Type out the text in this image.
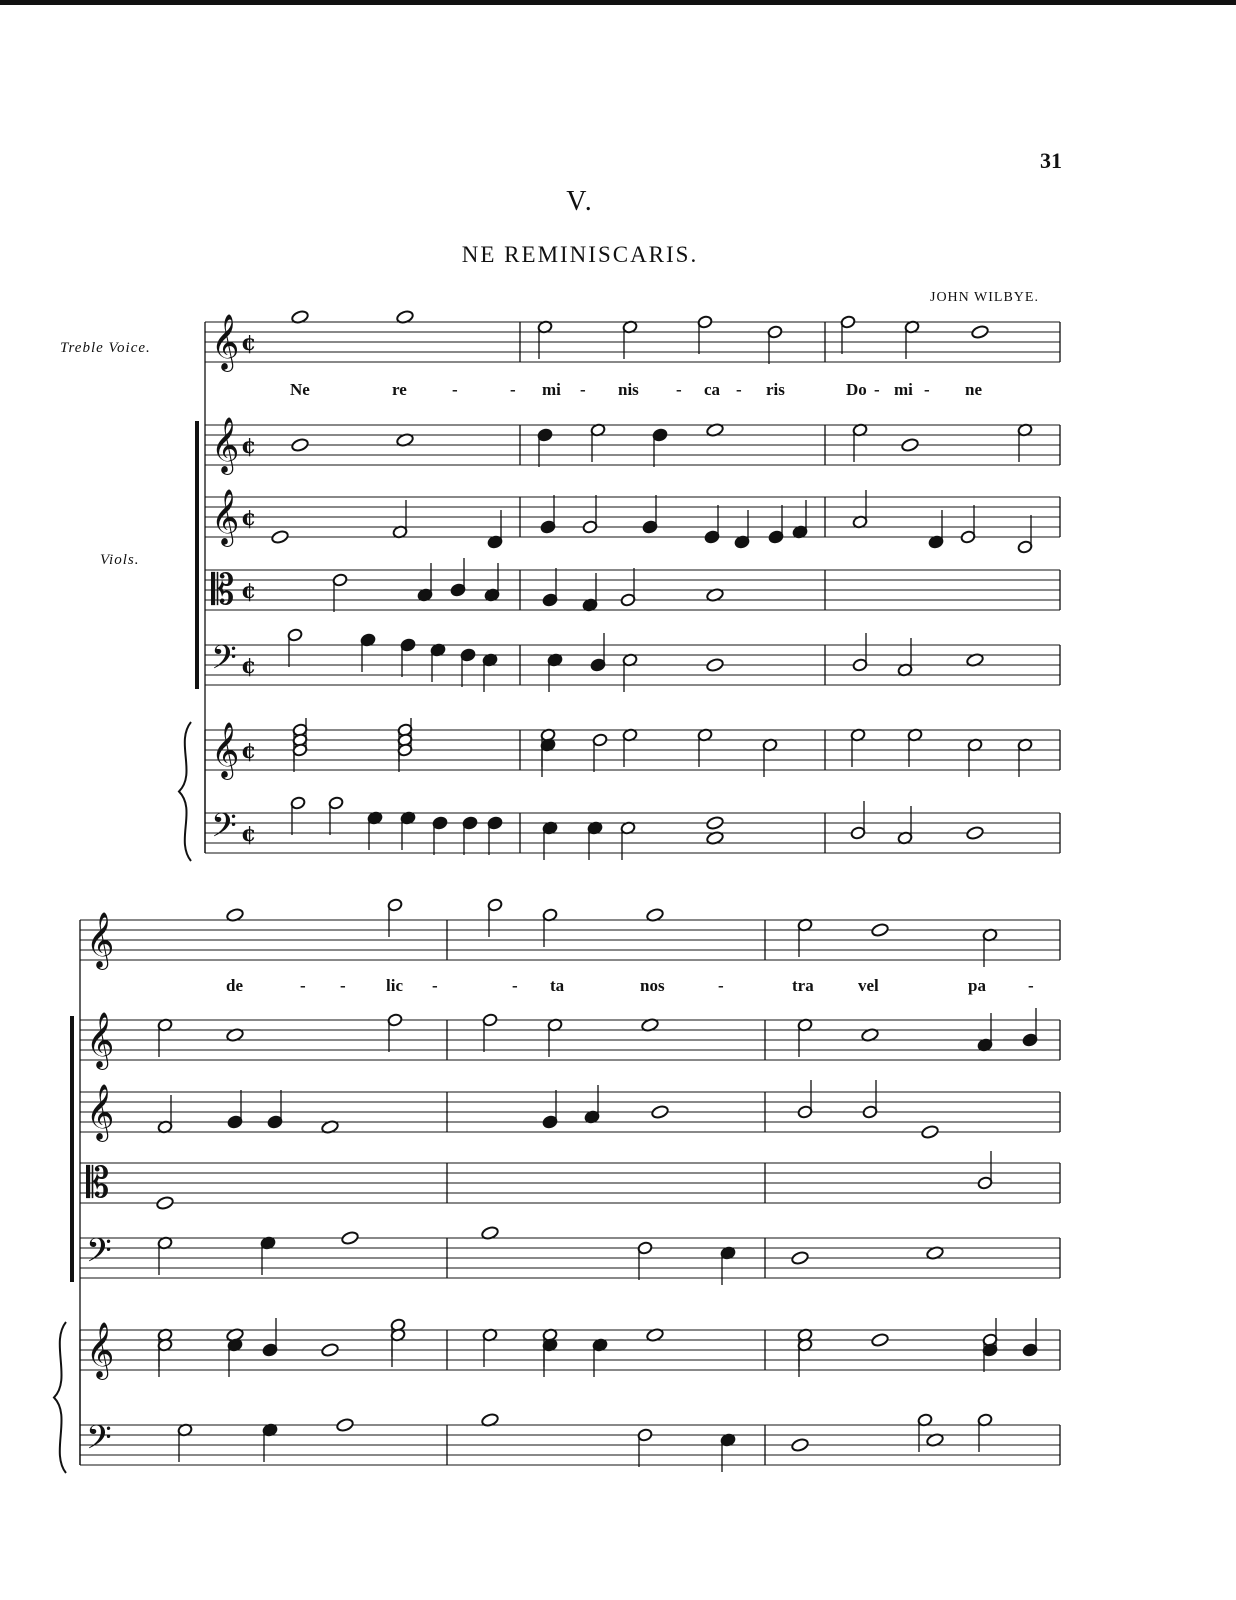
31
V.
NE REMINISCARIS.
JOHN WILBYE.
Treble Voice.
Viols.
Ne	re	-	- mi - nis - ca - ris	Do - mi - ne
de	- - lic -	- ta	nos	-	tra	vel	pa -
𝄞 ¢
𝄞 ¢
𝄞 ¢
𝄡 ¢
𝄢 ¢
𝄞 ¢
𝄢 ¢
𝄞
𝄞
𝄞
𝄡
𝄢
𝄞
𝄢
